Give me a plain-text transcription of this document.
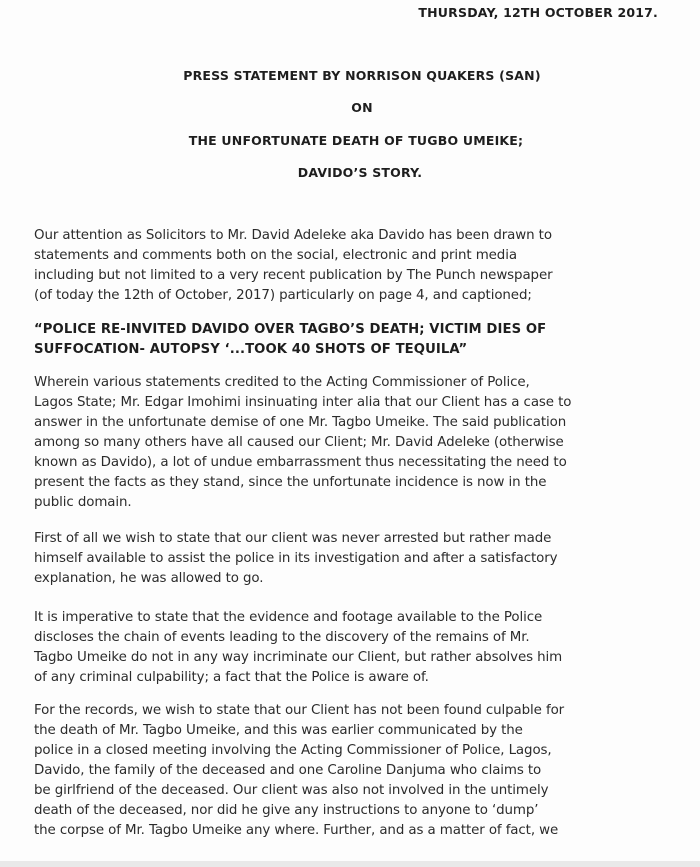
THURSDAY, 12TH OCTOBER 2017.
PRESS STATEMENT BY NORRISON QUAKERS (SAN)
ON
THE UNFORTUNATE DEATH OF TUGBO UMEIKE;
DAVIDO’S STORY.
Our attention as Solicitors to Mr. David Adeleke aka Davido has been drawn to
statements and comments both on the social, electronic and print media
including but not limited to a very recent publication by The Punch newspaper
(of today the 12th of October, 2017) particularly on page 4, and captioned;
“POLICE RE-INVITED DAVIDO OVER TAGBO’S DEATH; VICTIM DIES OF
SUFFOCATION- AUTOPSY ‘...TOOK 40 SHOTS OF TEQUILA”
Wherein various statements credited to the Acting Commissioner of Police,
Lagos State; Mr. Edgar Imohimi insinuating inter alia that our Client has a case to
answer in the unfortunate demise of one Mr. Tagbo Umeike. The said publication
among so many others have all caused our Client; Mr. David Adeleke (otherwise
known as Davido), a lot of undue embarrassment thus necessitating the need to
present the facts as they stand, since the unfortunate incidence is now in the
public domain.
First of all we wish to state that our client was never arrested but rather made
himself available to assist the police in its investigation and after a satisfactory
explanation, he was allowed to go.
It is imperative to state that the evidence and footage available to the Police
discloses the chain of events leading to the discovery of the remains of Mr.
Tagbo Umeike do not in any way incriminate our Client, but rather absolves him
of any criminal culpability; a fact that the Police is aware of.
For the records, we wish to state that our Client has not been found culpable for
the death of Mr. Tagbo Umeike, and this was earlier communicated by the
police in a closed meeting involving the Acting Commissioner of Police, Lagos,
Davido, the family of the deceased and one Caroline Danjuma who claims to
be girlfriend of the deceased. Our client was also not involved in the untimely
death of the deceased, nor did he give any instructions to anyone to ‘dump’
the corpse of Mr. Tagbo Umeike any where. Further, and as a matter of fact, we
